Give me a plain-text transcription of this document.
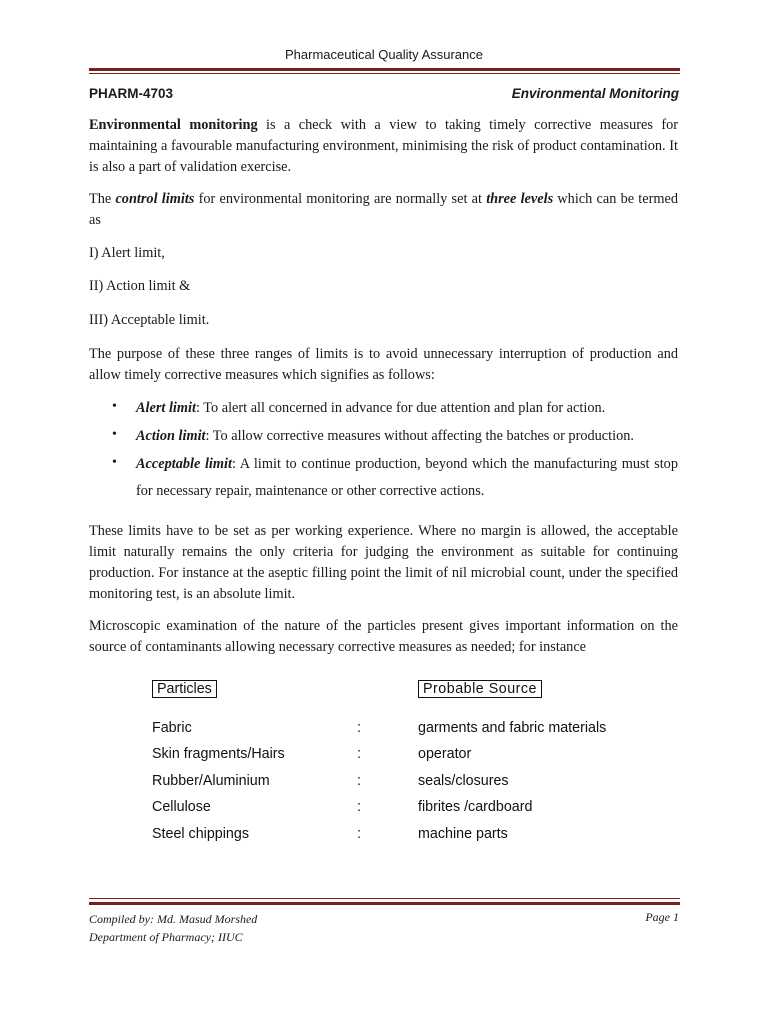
Pharmaceutical Quality Assurance
PHARM-4703	Environmental Monitoring
Environmental monitoring is a check with a view to taking timely corrective measures for maintaining a favourable manufacturing environment, minimising the risk of product contamination. It is also a part of validation exercise.
The control limits for environmental monitoring are normally set at three levels which can be termed as
I) Alert limit,
II) Action limit &
III) Acceptable limit.
The purpose of these three ranges of limits is to avoid unnecessary interruption of production and allow timely corrective measures which signifies as follows:
• Alert limit: To alert all concerned in advance for due attention and plan for action.
• Action limit: To allow corrective measures without affecting the batches or production.
• Acceptable limit: A limit to continue production, beyond which the manufacturing must stop for necessary repair, maintenance or other corrective actions.
These limits have to be set as per working experience. Where no margin is allowed, the acceptable limit naturally remains the only criteria for judging the environment as suitable for continuing production. For instance at the aseptic filling point the limit of nil microbial count, under the specified monitoring test, is an absolute limit.
Microscopic examination of the nature of the particles present gives important information on the source of contaminants allowing necessary corrective measures as needed; for instance
Particles	Probable Source
Fabric	:	garments and fabric materials
Skin fragments/Hairs	:	operator
Rubber/Aluminium	:	seals/closures
Cellulose	:	fibrites /cardboard
Steel chippings	:	machine parts
Compiled by: Md. Masud Morshed
Department of Pharmacy; IIUC
Page 1
